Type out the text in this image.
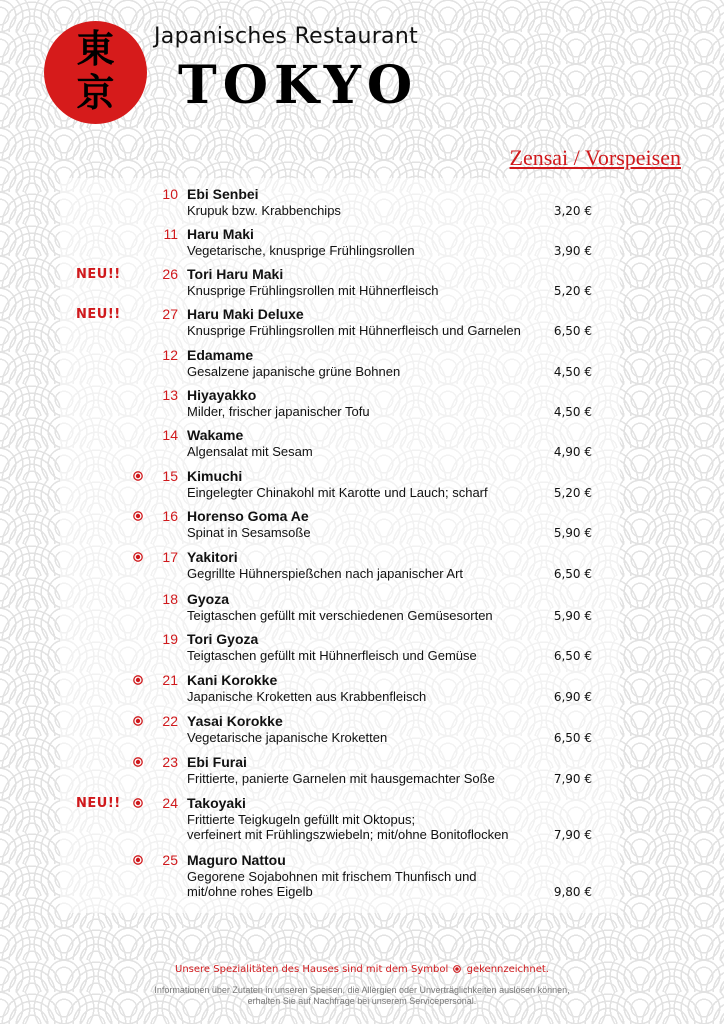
東
京
Japanisches Restaurant
TOKYO
Zensai / Vorspeisen
10 Ebi Senbei
Krupuk bzw. Krabbenchips	3,20 €
11 Haru Maki
Vegetarische, knusprige Frühlingsrollen	3,90 €
NEU!!	26 Tori Haru Maki
Knusprige Frühlingsrollen mit Hühnerfleisch	5,20 €
NEU!!	27 Haru Maki Deluxe
Knusprige Frühlingsrollen mit Hühnerfleisch und Garnelen	6,50 €
12 Edamame
Gesalzene japanische grüne Bohnen	4,50 €
13 Hiyayakko
Milder, frischer japanischer Tofu	4,50 €
14 Wakame
Algensalat mit Sesam	4,90 €
15 Kimuchi
Eingelegter Chinakohl mit Karotte und Lauch; scharf	5,20 €
16 Horenso Goma Ae
Spinat in Sesamsoße	5,90 €
17 Yakitori
Gegrillte Hühnerspießchen nach japanischer Art	6,50 €
18 Gyoza
Teigtaschen gefüllt mit verschiedenen Gemüsesorten	5,90 €
19 Tori Gyoza
Teigtaschen gefüllt mit Hühnerfleisch und Gemüse	6,50 €
21 Kani Korokke
Japanische Kroketten aus Krabbenfleisch	6,90 €
22 Yasai Korokke
Vegetarische japanische Kroketten	6,50 €
23 Ebi Furai
Frittierte, panierte Garnelen mit hausgemachter Soße	7,90 €
NEU!!	24 Takoyaki
Frittierte Teigkugeln gefüllt mit Oktopus;
verfeinert mit Frühlingszwiebeln; mit/ohne Bonitoflocken	7,90 €
25 Maguro Nattou
Gegorene Sojabohnen mit frischem Thunfisch und
mit/ohne rohes Eigelb	9,80 €
Unsere Spezialitäten des Hauses sind mit dem Symbol gekennzeichnet.
Informationen über Zutaten in unseren Speisen, die Allergien oder Unverträglichkeiten auslösen können,
erhalten Sie auf Nachfrage bei unserem Servicepersonal.
